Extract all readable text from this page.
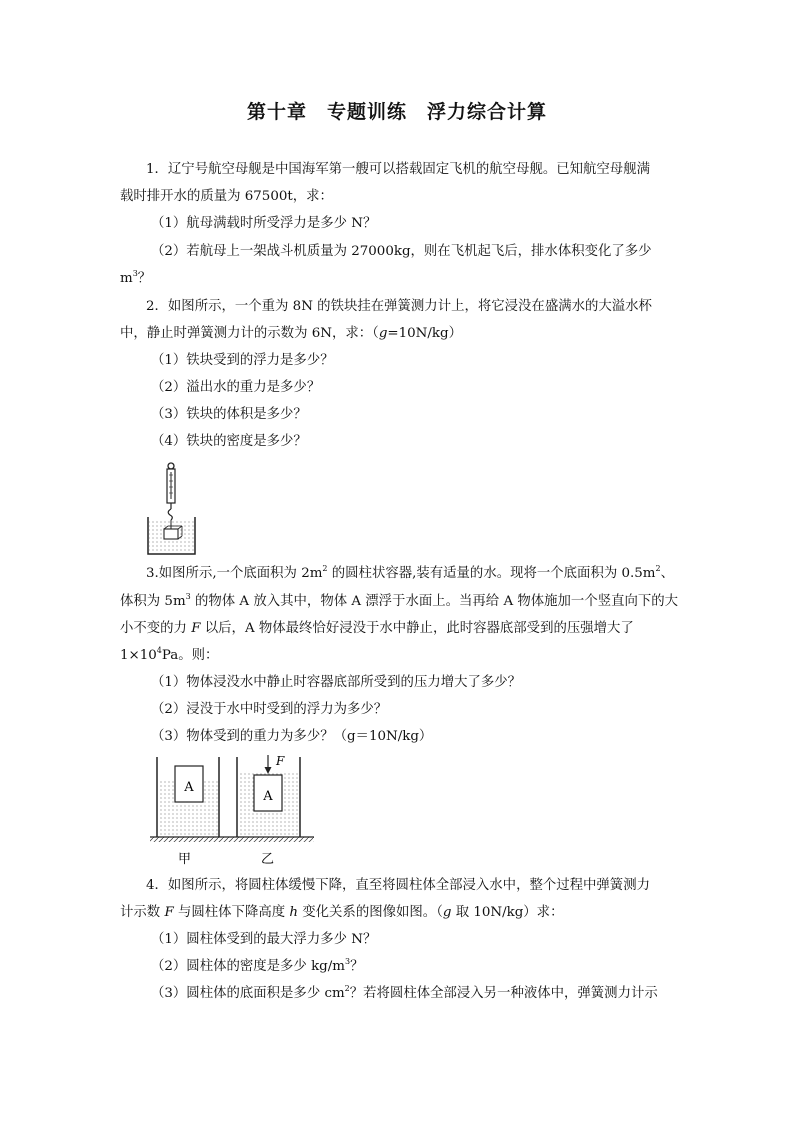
第十章　专题训练　浮力综合计算
1．辽宁号航空母舰是中国海军第一艘可以搭载固定飞机的航空母舰。已知航空母舰满
载时排开水的质量为 67500t，求：
（1）航母满载时所受浮力是多少 N？
（2）若航母上一架战斗机质量为 27000kg，则在飞机起飞后，排水体积变化了多少
$m^3$？
2．如图所示，一个重为 8N 的铁块挂在弹簧测力计上，将它浸没在盛满水的大溢水杯
中，静止时弹簧测力计的示数为 6N，求：（g=10N/kg）
（1）铁块受到的浮力是多少？
（2）溢出水的重力是多少？
（3）铁块的体积是多少？
（4）铁块的密度是多少？
3.如图所示,一个底面积为 $2m^2$ 的圆柱状容器,装有适量的水。现将一个底面积为 $0.5m^2$、
体积为 $5m^3$ 的物体 A 放入其中，物体 A 漂浮于水面上。当再给 A 物体施加一个竖直向下的大
小不变的力 F 以后，A 物体最终恰好浸没于水中静止，此时容器底部受到的压强增大了
$1\times 10^4Pa$。则：
（1）物体浸没水中静止时容器底部所受到的压力增大了多少？
（2）浸没于水中时受到的浮力为多少？
（3）物体受到的重力为多少？（g＝10N/kg）
A
A
F
甲	乙
4．如图所示，将圆柱体缓慢下降，直至将圆柱体全部浸入水中，整个过程中弹簧测力
计示数 F 与圆柱体下降高度 h 变化关系的图像如图。（g 取 10N/kg）求：
（1）圆柱体受到的最大浮力多少 N？
（2）圆柱体的密度是多少 $kg/m^3$？
（3）圆柱体的底面积是多少 $cm^2$？若将圆柱体全部浸入另一种液体中，弹簧测力计示
